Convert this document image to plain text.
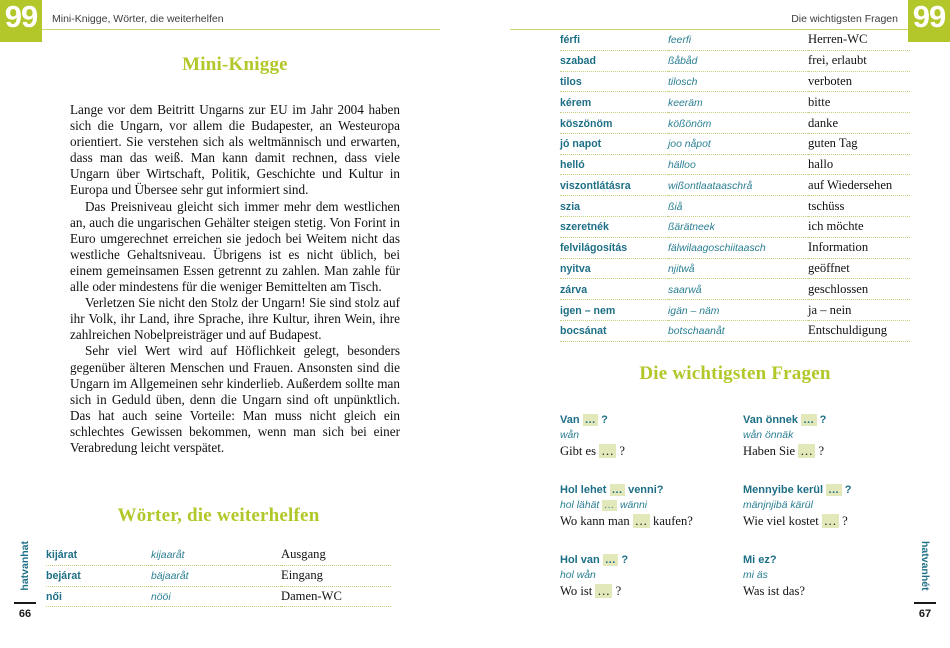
99	Mini-Knigge, Wörter, die weiterhelfen
Mini-Knigge

Lange vor dem Beitritt Ungarns zur EU im Jahr 2004 haben sich die Ungarn, vor allem die Budapester, an Westeuropa orientiert. Sie verstehen sich als weltmännisch und erwarten, dass man das weiß. Man kann damit rechnen, dass viele Ungarn über Wirtschaft, Politik, Geschichte und Kultur in Europa und Übersee sehr gut informiert sind.

Das Preisniveau gleicht sich immer mehr dem westlichen an, auch die ungarischen Gehälter steigen stetig. Von Forint in Euro umgerechnet erreichen sie jedoch bei Weitem nicht das westliche Gehaltsniveau. Übrigens ist es nicht üblich, bei einem gemeinsamen Essen getrennt zu zahlen. Man zahle für alle oder mindestens für die weniger Bemittelten am Tisch.

Verletzen Sie nicht den Stolz der Ungarn! Sie sind stolz auf ihr Volk, ihr Land, ihre Sprache, ihre Kultur, ihren Wein, ihre zahlreichen Nobelpreisträger und auf Budapest.

Sehr viel Wert wird auf Höflichkeit gelegt, besonders gegenüber älteren Menschen und Frauen. Ansonsten sind die Ungarn im Allgemeinen sehr kinderlieb. Außerdem sollte man sich in Geduld üben, denn die Ungarn sind oft unpünktlich. Das hat auch seine Vorteile: Man muss nicht gleich ein schlechtes Gewissen bekommen, wenn man sich bei einer Verabredung leicht verspätet.

Wörter, die weiterhelfen
kijárat	kijaaråt	Ausgang
bejárat	bäjaaråt	Eingang
női	nööi	Damen-WC
hatvanhat
66
Die wichtigsten Fragen 99
férfi	feerfi	Herren-WC
szabad	ßåbåd	frei, erlaubt
tilos	tilosch	verboten
kérem	keeräm	bitte
köszönöm	kößönöm	danke
jó napot	joo nåpot	guten Tag
helló	hälloo	hallo
viszontlátásra	wißontlaataaschrå	auf Wiedersehen
szia	ßiå	tschüss
szeretnék	ßärätneek	ich möchte
felvilágosítás	fälwilaagoschiitaasch	Information
nyitva	njitwå	geöffnet
zárva	saarwå	geschlossen
igen – nem	igän – näm	ja – nein
bocsánat	botschaanåt	Entschuldigung
Die wichtigsten Fragen
Van … ?
wån
Gibt es … ?
Van önnek … ?
wån önnäk
Haben Sie … ?
Hol lehet … venni?
hol lähät … wänni
Wo kann man … kaufen?
Mennyibe kerül … ?
mänjnjibä kärül
Wie viel kostet … ?
Hol van … ?
hol wån
Wo ist … ?
Mi ez?
mi äs
Was ist das?	hatvanhét
67
